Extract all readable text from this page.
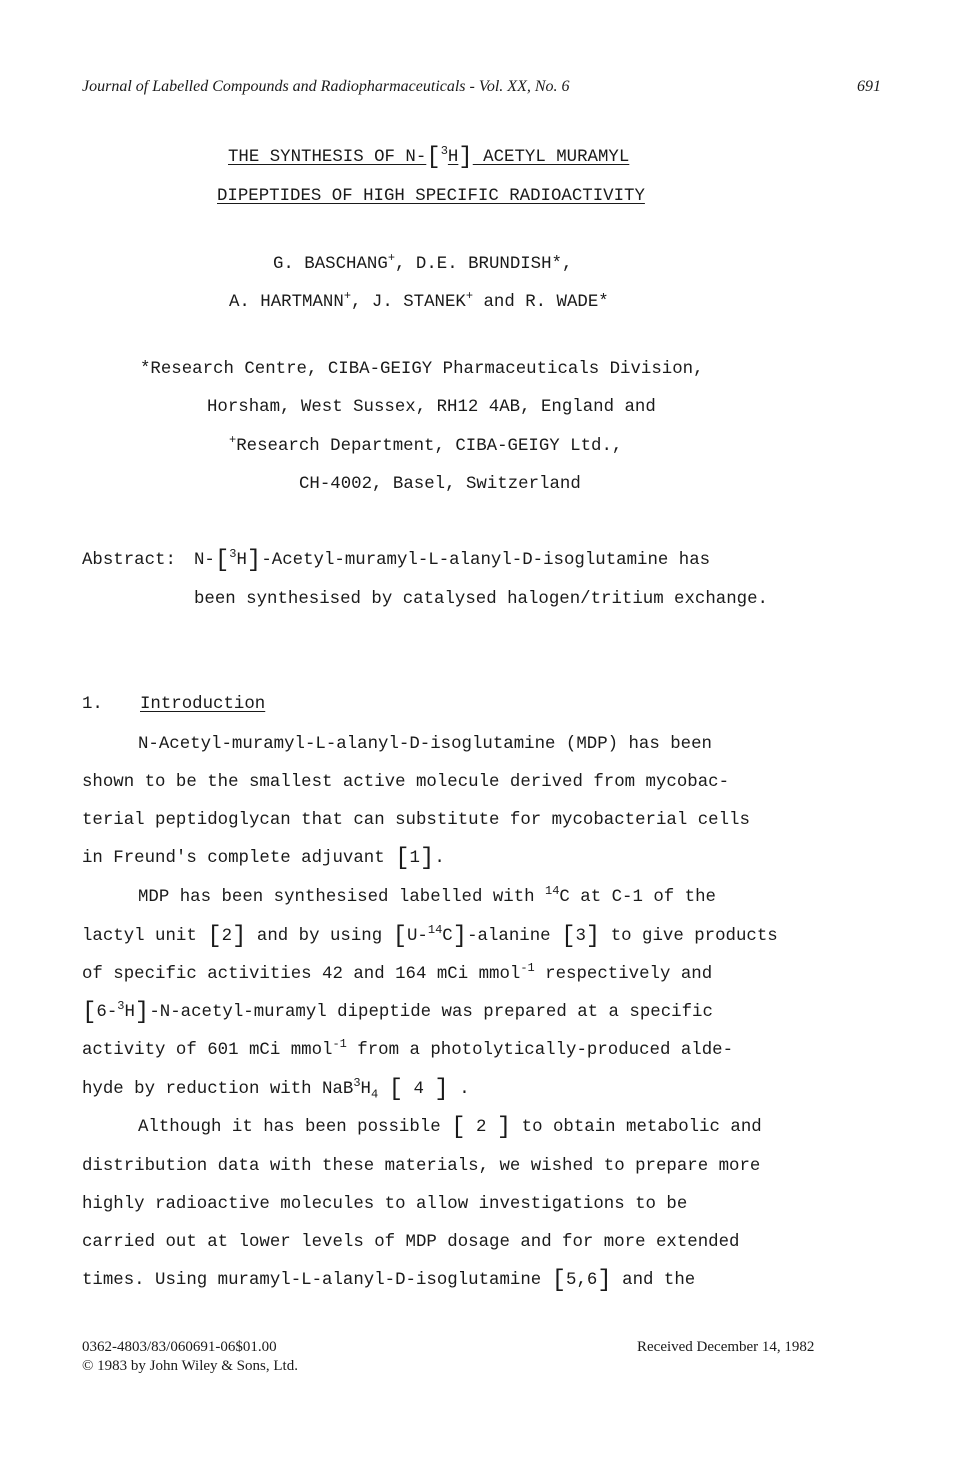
Journal of Labelled Compounds and Radiopharmaceuticals - Vol. XX, No. 6	691
THE SYNTHESIS OF N-[$^3$H] ACETYL MURAMYL
DIPEPTIDES OF HIGH SPECIFIC RADIOACTIVITY
G. BASCHANG+, D.E. BRUNDISH*,
A. HARTMANN+, J. STANEK+ and R. WADE*
*Research Centre, CIBA-GEIGY Pharmaceuticals Division,
Horsham, West Sussex, RH12 4AB, England and
+Research Department, CIBA-GEIGY Ltd.,
CH-4002, Basel, Switzerland
Abstract: N-[$^3$H]-Acetyl-muramyl-L-alanyl-D-isoglutamine has
been synthesised by catalysed halogen/tritium exchange.
1. Introduction
N-Acetyl-muramyl-L-alanyl-D-isoglutamine (MDP) has been
shown to be the smallest active molecule derived from mycobac-
terial peptidoglycan that can substitute for mycobacterial cells
in Freund's complete adjuvant [1].
MDP has been synthesised labelled with $^{14}$C at C-1 of the
lactyl unit [2] and by using [U-$^{14}$C]-alanine [3] to give products
of specific activities 42 and 164 mCi mmol$^{-1}$ respectively and
[6-$^3$H]-N-acetyl-muramyl dipeptide was prepared at a specific
activity of 601 mCi mmol$^{-1}$ from a photolytically-produced alde-
hyde by reduction with $NaB^3H_4$ [ 4 ] .
Although it has been possible [ 2 ] to obtain metabolic and
distribution data with these materials, we wished to prepare more
highly radioactive molecules to allow investigations to be
carried out at lower levels of MDP dosage and for more extended
times. Using muramyl-L-alanyl-D-isoglutamine [5,6] and the
0362-4803/83/060691-06$01.00
© 1983 by John Wiley & Sons, Ltd.
Received December 14, 1982
